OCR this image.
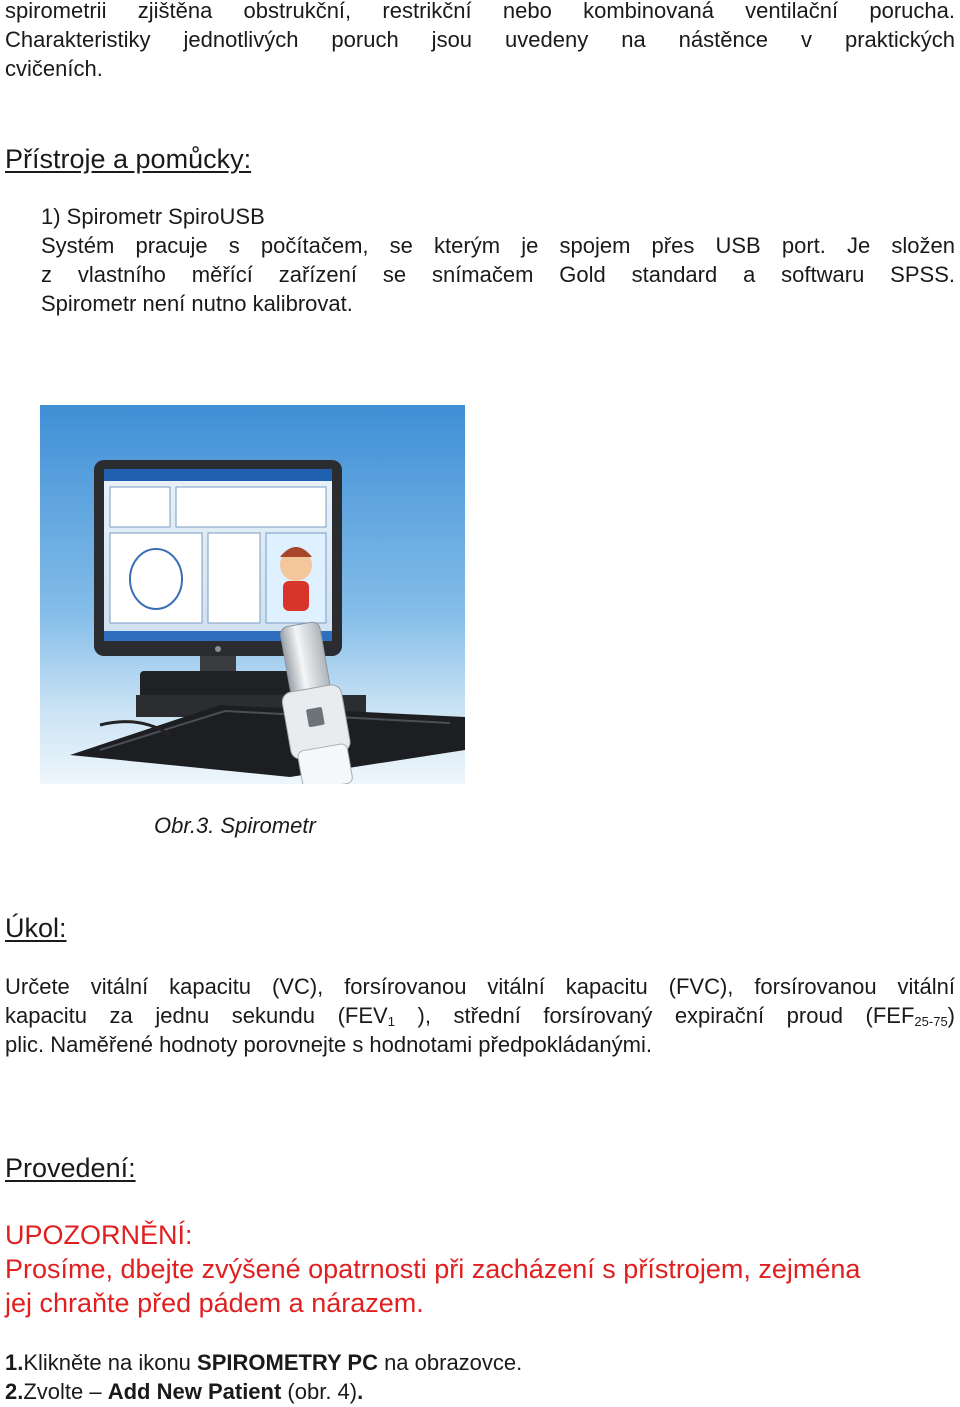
spirometrii zjištěna obstrukční, restrikční nebo kombinovaná ventilační porucha.
Charakteristiky jednotlivých poruch jsou uvedeny na nástěnce v praktických
cvičeních.
Přístroje a pomůcky:
1) Spirometr SpiroUSB
Systém pracuje s počítačem, se kterým je spojem přes USB port. Je složen
z vlastního měřící zařízení se snímačem Gold standard a softwaru SPSS.
Spirometr není nutno kalibrovat.
Obr.3. Spirometr
Úkol:
Určete vitální kapacitu (VC), forsírovanou vitální kapacitu (FVC), forsírovanou vitální
kapacitu za jednu sekundu ($FEV_1$ ), střední forsírovaný expirační proud $(FEF_{25-75})$
plic. Naměřené hodnoty porovnejte s hodnotami předpokládanými.
Provedení:
UPOZORNĚNÍ:
Prosíme, dbejte zvýšené opatrnosti při zacházení s přístrojem, zejména
jej chraňte před pádem a nárazem.
1.Klikněte na ikonu SPIROMETRY PC na obrazovce.
2.Zvolte – Add New Patient (obr. 4).
